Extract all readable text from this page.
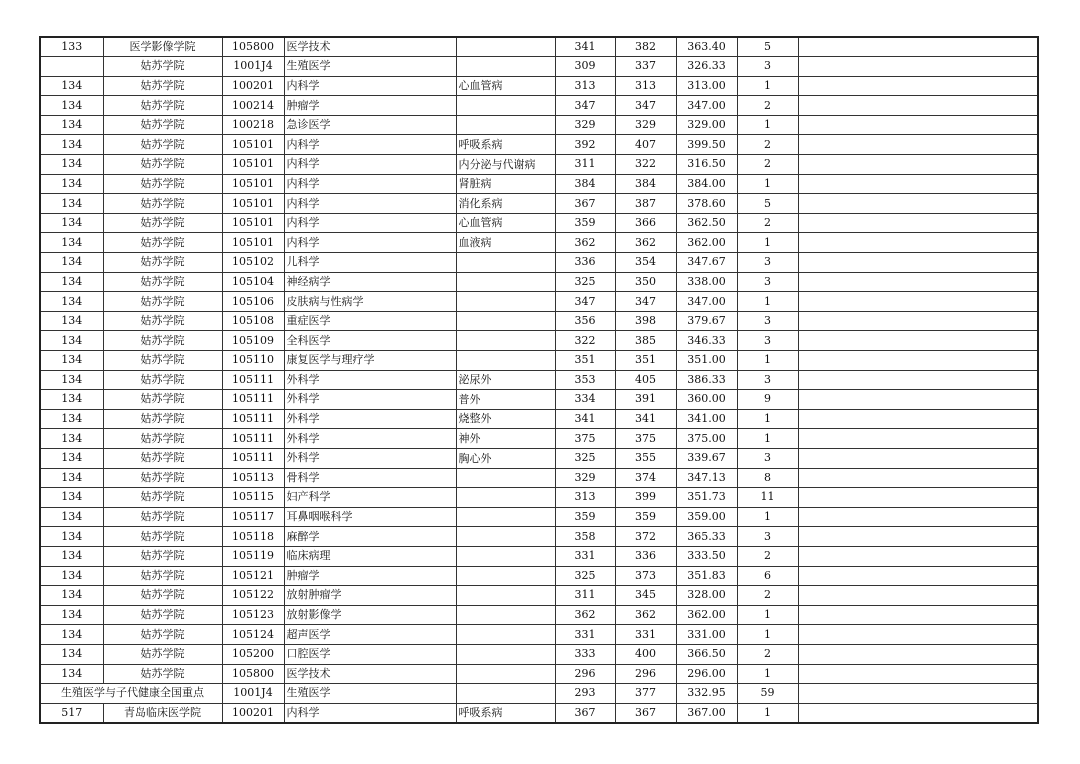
133	医学影像学院	105800	医学技术		341	382	363.40	5	
	姑苏学院	1001J4	生殖医学		309	337	326.33	3	
134	姑苏学院	100201	内科学	心血管病	313	313	313.00	1	
134	姑苏学院	100214	肿瘤学		347	347	347.00	2	
134	姑苏学院	100218	急诊医学		329	329	329.00	1	
134	姑苏学院	105101	内科学	呼吸系病	392	407	399.50	2	
134	姑苏学院	105101	内科学	内分泌与代谢病	311	322	316.50	2	
134	姑苏学院	105101	内科学	肾脏病	384	384	384.00	1	
134	姑苏学院	105101	内科学	消化系病	367	387	378.60	5	
134	姑苏学院	105101	内科学	心血管病	359	366	362.50	2	
134	姑苏学院	105101	内科学	血液病	362	362	362.00	1	
134	姑苏学院	105102	儿科学		336	354	347.67	3	
134	姑苏学院	105104	神经病学		325	350	338.00	3	
134	姑苏学院	105106	皮肤病与性病学		347	347	347.00	1	
134	姑苏学院	105108	重症医学		356	398	379.67	3	
134	姑苏学院	105109	全科医学		322	385	346.33	3	
134	姑苏学院	105110	康复医学与理疗学		351	351	351.00	1	
134	姑苏学院	105111	外科学	泌尿外	353	405	386.33	3	
134	姑苏学院	105111	外科学	普外	334	391	360.00	9	
134	姑苏学院	105111	外科学	烧整外	341	341	341.00	1	
134	姑苏学院	105111	外科学	神外	375	375	375.00	1	
134	姑苏学院	105111	外科学	胸心外	325	355	339.67	3	
134	姑苏学院	105113	骨科学		329	374	347.13	8	
134	姑苏学院	105115	妇产科学		313	399	351.73	11	
134	姑苏学院	105117	耳鼻咽喉科学		359	359	359.00	1	
134	姑苏学院	105118	麻醉学		358	372	365.33	3	
134	姑苏学院	105119	临床病理		331	336	333.50	2	
134	姑苏学院	105121	肿瘤学		325	373	351.83	6	
134	姑苏学院	105122	放射肿瘤学		311	345	328.00	2	
134	姑苏学院	105123	放射影像学		362	362	362.00	1	
134	姑苏学院	105124	超声医学		331	331	331.00	1	
134	姑苏学院	105200	口腔医学		333	400	366.50	2	
134	姑苏学院	105800	医学技术		296	296	296.00	1	
生殖医学与子代健康全国重点		1001J4	生殖医学		293	377	332.95	59	
517	青岛临床医学院	100201	内科学	呼吸系病	367	367	367.00	1	
